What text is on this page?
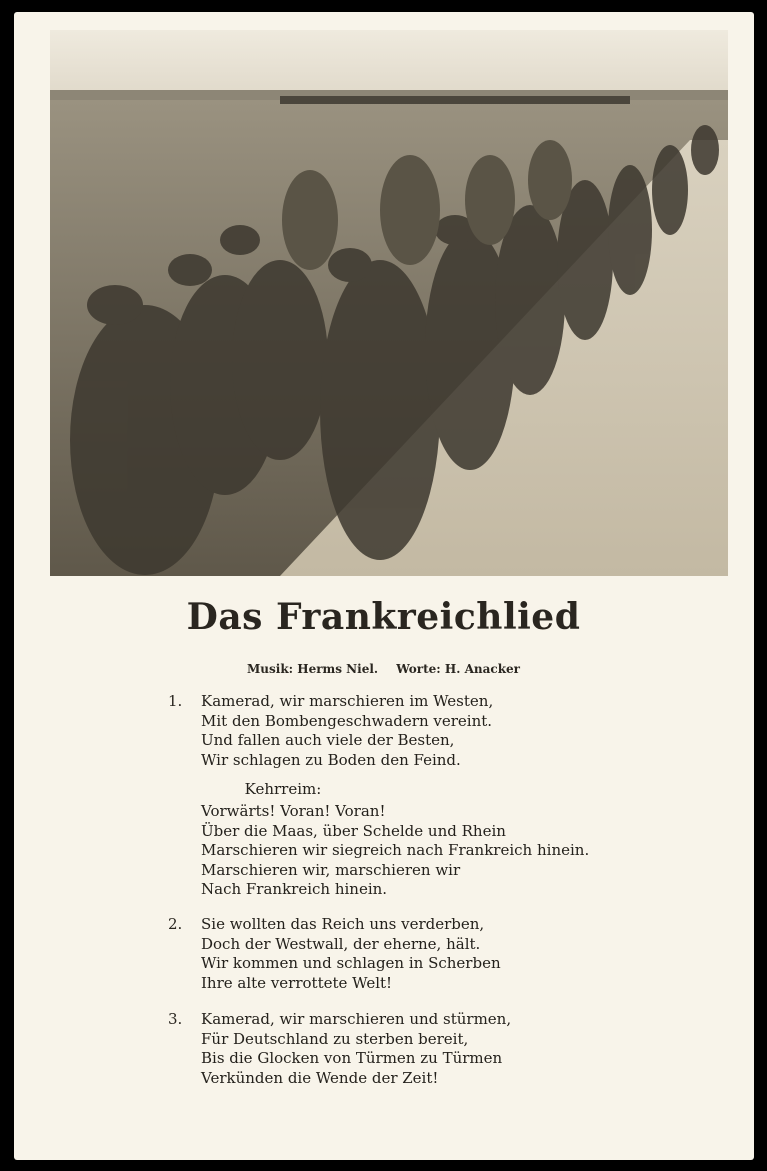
Das Frankreichlied
Musik: Herms Niel. Worte: H. Anacker
1. Kamerad, wir marschieren im Westen,
Mit den Bombengeschwadern vereint.
Und fallen auch viele der Besten,
Wir schlagen zu Boden den Feind.
Kehrreim:
Vorwärts! Voran! Voran!
Über die Maas, über Schelde und Rhein
Marschieren wir siegreich nach Frankreich hinein.
Marschieren wir, marschieren wir
Nach Frankreich hinein.
2. Sie wollten das Reich uns verderben,
Doch der Westwall, der eherne, hält.
Wir kommen und schlagen in Scherben
Ihre alte verrottete Welt!
3. Kamerad, wir marschieren und stürmen,
Für Deutschland zu sterben bereit,
Bis die Glocken von Türmen zu Türmen
Verkünden die Wende der Zeit!
